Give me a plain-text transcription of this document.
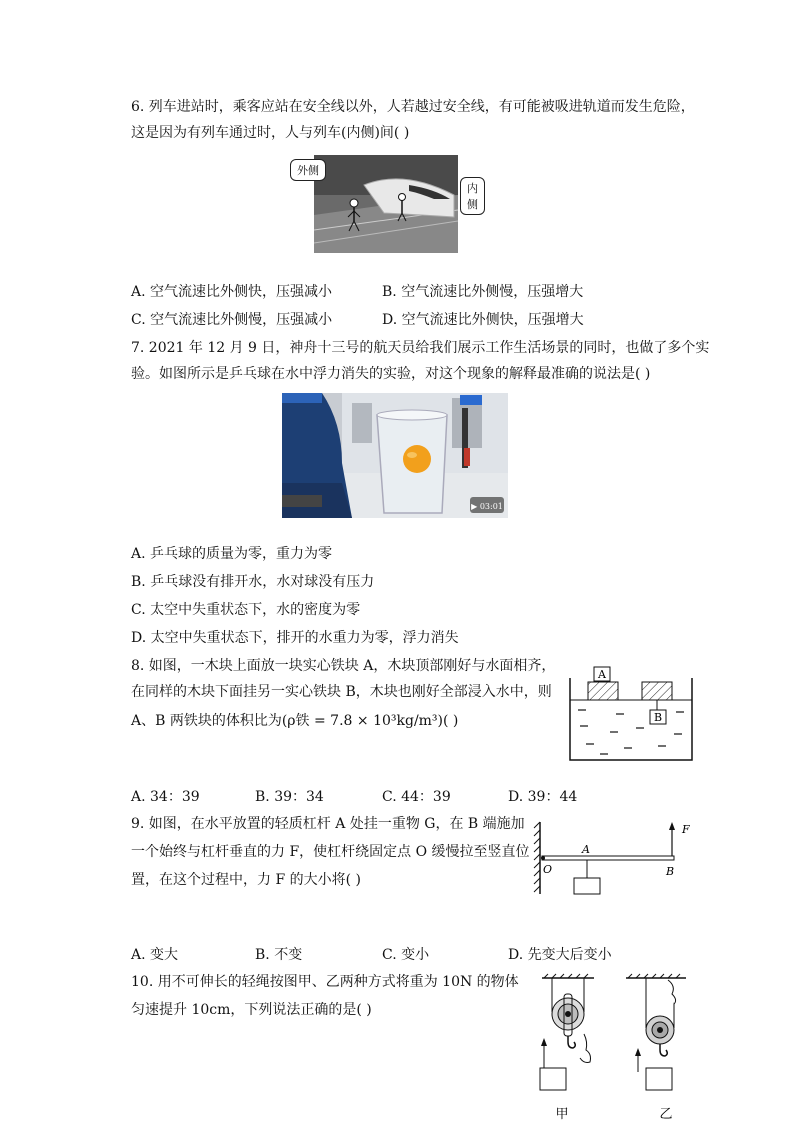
6. 列车进站时，乘客应站在安全线以外，人若越过安全线，有可能被吸进轨道而发生危险，
这是因为有列车通过时，人与列车(内侧)间( )
外侧
内侧
A. 空气流速比外侧快，压强减小	B. 空气流速比外侧慢，压强增大
C. 空气流速比外侧慢，压强减小	D. 空气流速比外侧快，压强增大
7. 2021 年 12 月 9 日，神舟十三号的航天员给我们展示工作生活场景的同时，也做了多个实
验。如图所示是乒乓球在水中浮力消失的实验，对这个现象的解释最准确的说法是( )
▶ 03:01
A. 乒乓球的质量为零，重力为零
B. 乒乓球没有排开水，水对球没有压力
C. 太空中失重状态下，水的密度为零
D. 太空中失重状态下，排开的水重力为零，浮力消失
8. 如图，一木块上面放一块实心铁块 A，木块顶部刚好与水面相齐，
在同样的木块下面挂另一实心铁块 B，木块也刚好全部浸入水中，则
A、B 两铁块的体积比为(ρ铁 = 7.8 × 10³kg/m³)( )
A
B
A. 34：39	B. 39：34	C. 44：39	D. 39：44
9. 如图，在水平放置的轻质杠杆 A 处挂一重物 G，在 B 端施加
一个始终与杠杆垂直的力 F，使杠杆绕固定点 O 缓慢拉至竖直位
置，在这个过程中，力 F 的大小将( )
F
A
O	B
A. 变大	B. 不变	C. 变小	D. 先变大后变小
10. 用不可伸长的轻绳按图甲、乙两种方式将重为 10N 的物体
匀速提升 10cm，下列说法正确的是( )
甲	乙
